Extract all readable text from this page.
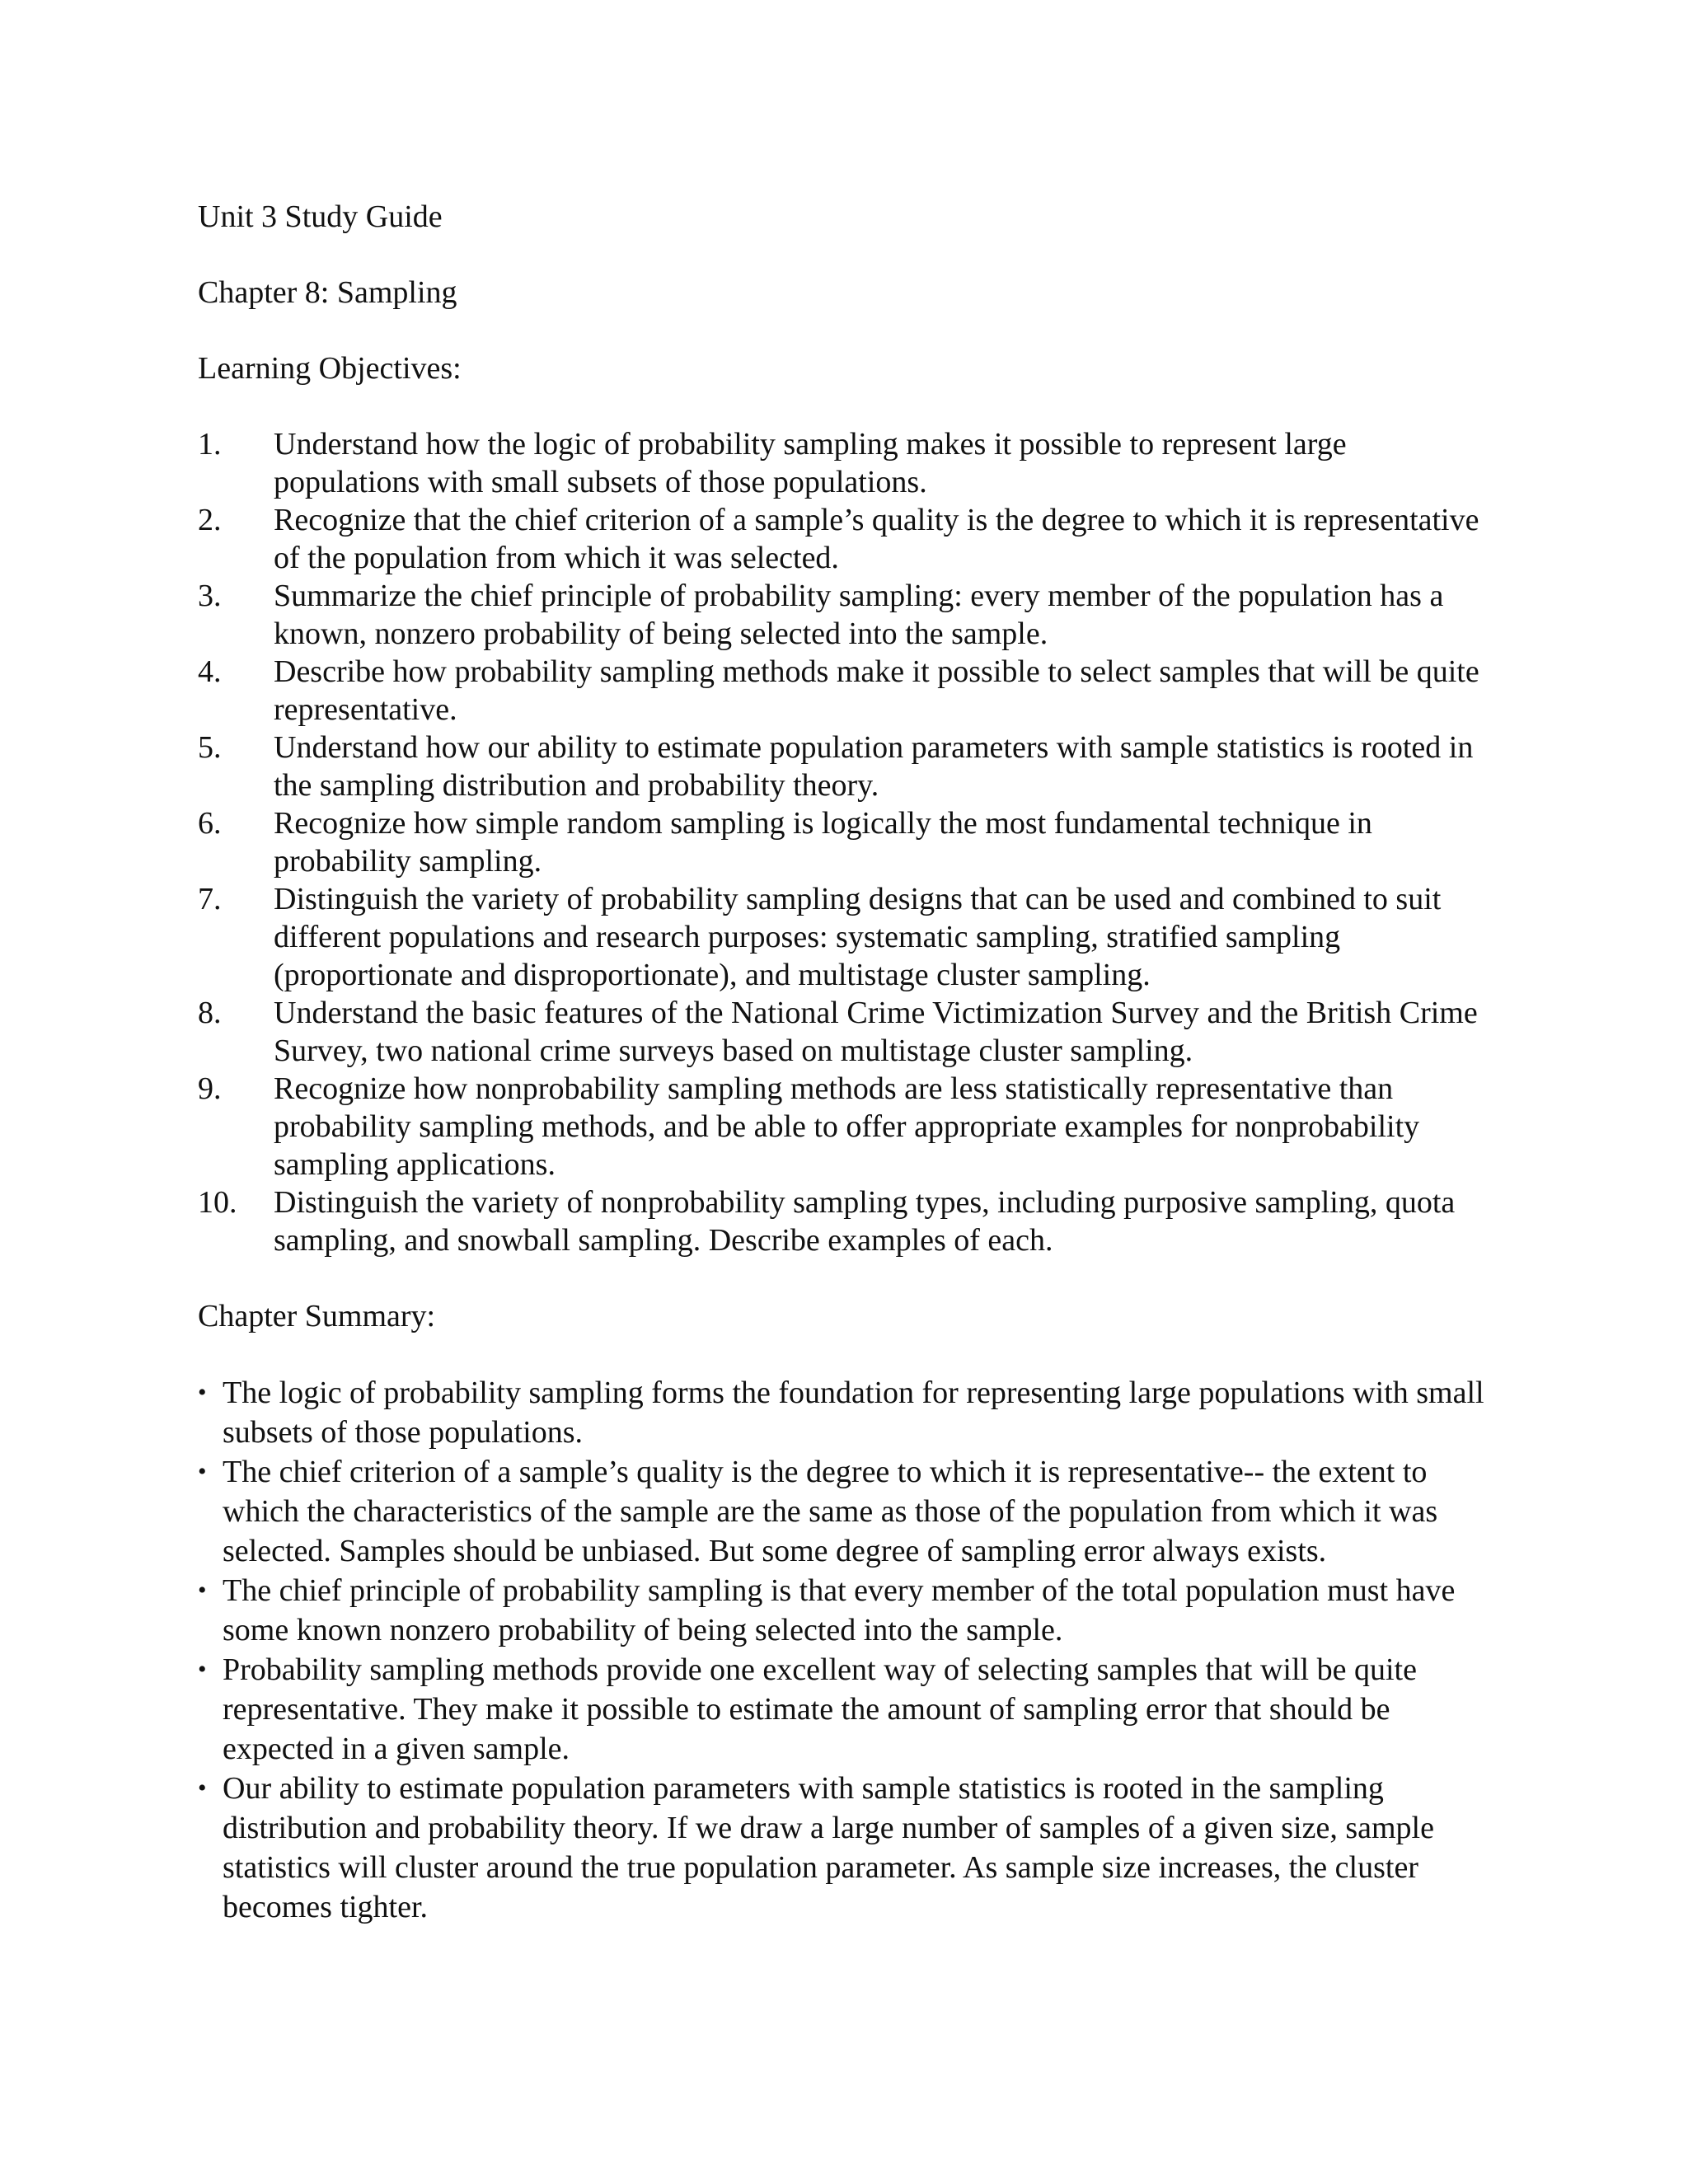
Unit 3 Study Guide

Chapter 8: Sampling

Learning Objectives:

1. Understand how the logic of probability sampling makes it possible to represent large populations with small subsets of those populations.
2. Recognize that the chief criterion of a sample’s quality is the degree to which it is representative of the population from which it was selected.
3. Summarize the chief principle of probability sampling: every member of the population has a known, nonzero probability of being selected into the sample.
4. Describe how probability sampling methods make it possible to select samples that will be quite representative.
5. Understand how our ability to estimate population parameters with sample statistics is rooted in the sampling distribution and probability theory.
6. Recognize how simple random sampling is logically the most fundamental technique in probability sampling.
7. Distinguish the variety of probability sampling designs that can be used and combined to suit different populations and research purposes: systematic sampling, stratified sampling (proportionate and disproportionate), and multistage cluster sampling.
8. Understand the basic features of the National Crime Victimization Survey and the British Crime Survey, two national crime surveys based on multistage cluster sampling.
9. Recognize how nonprobability sampling methods are less statistically representative than probability sampling methods, and be able to offer appropriate examples for nonprobability sampling applications.
10. Distinguish the variety of nonprobability sampling types, including purposive sampling, quota sampling, and snowball sampling. Describe examples of each.

Chapter Summary:

• The logic of probability sampling forms the foundation for representing large populations with small subsets of those populations.
• The chief criterion of a sample’s quality is the degree to which it is representative-- the extent to which the characteristics of the sample are the same as those of the population from which it was selected. Samples should be unbiased. But some degree of sampling error always exists.
• The chief principle of probability sampling is that every member of the total population must have some known nonzero probability of being selected into the sample.
• Probability sampling methods provide one excellent way of selecting samples that will be quite representative. They make it possible to estimate the amount of sampling error that should be expected in a given sample.
• Our ability to estimate population parameters with sample statistics is rooted in the sampling distribution and probability theory. If we draw a large number of samples of a given size, sample statistics will cluster around the true population parameter. As sample size increases, the cluster becomes tighter.
